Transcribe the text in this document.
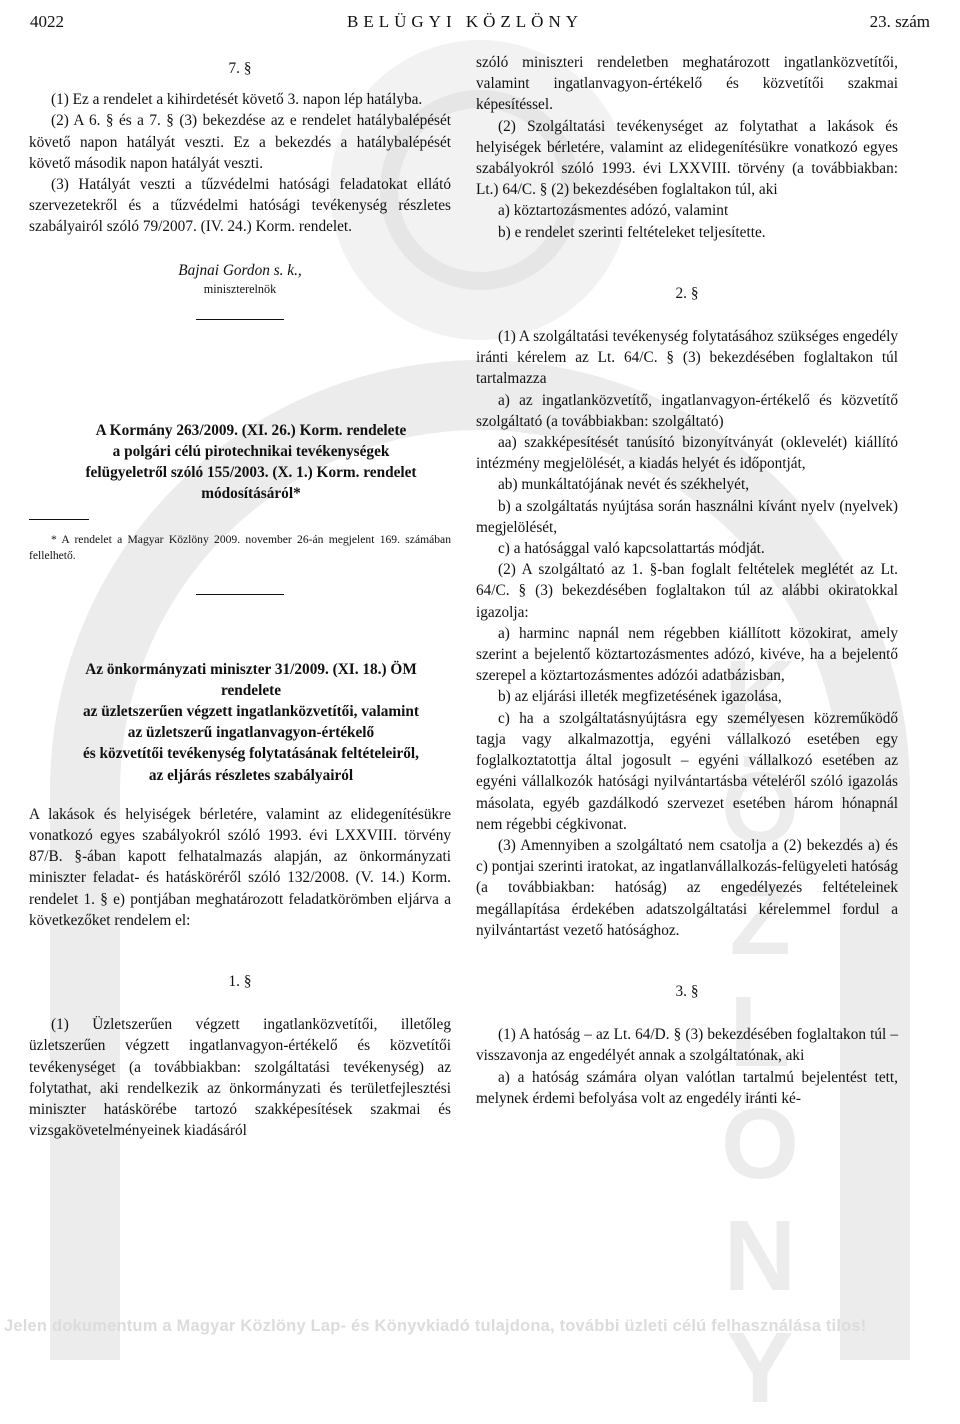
K
Ö
Z
L
Ö
N
Y
4022	BELÜGYI KÖZLÖNY	23. szám

7. §

(1) Ez a rendelet a kihirdetését követő 3. napon lép hatályba.

(2) A 6. § és a 7. § (3) bekezdése az e rendelet hatálybalépését követő napon hatályát veszti. Ez a bekezdés a hatálybalépését követő második napon hatályát veszti.

(3) Hatályát veszti a tűzvédelmi hatósági feladatokat ellátó szervezetekről és a tűzvédelmi hatósági tevékenység részletes szabályairól szóló 79/2007. (IV. 24.) Korm. rendelet.

Bajnai Gordon s. k.,
miniszterelnök

A Kormány 263/2009. (XI. 26.) Korm. rendelete

a polgári célú pirotechnikai tevékenységek

felügyeletről szóló 155/2003. (X. 1.) Korm. rendelet

módosításáról*

* A rendelet a Magyar Közlöny 2009. november 26-án megjelent 169. számában fellelhető.

Az önkormányzati miniszter 31/2009. (XI. 18.) ÖM

rendelete

az üzletszerűen végzett ingatlanközvetítői, valamint

az üzletszerű ingatlanvagyon-értékelő

és közvetítői tevékenység folytatásának feltételeiről,

az eljárás részletes szabályairól

A lakások és helyiségek bérletére, valamint az elidegenítésükre vonatkozó egyes szabályokról szóló 1993. évi LXXVIII. törvény 87/B. §-ában kapott felhatalmazás alapján, az önkormányzati miniszter feladat- és hatásköréről szóló 132/2008. (V. 14.) Korm. rendelet 1. § e) pontjában meghatározott feladatkörömben eljárva a következőket rendelem el:

1. §

(1) Üzletszerűen végzett ingatlanközvetítői, illetőleg üzletszerűen végzett ingatlanvagyon-értékelő és közvetítői tevékenységet (a továbbiakban: szolgáltatási tevékenység) az folytathat, aki rendelkezik az önkormányzati és területfejlesztési miniszter hatáskörébe tartozó szakképesítések szakmai és vizsgakövetelményeinek kiadásáról

szóló miniszteri rendeletben meghatározott ingatlanközvetítői, valamint ingatlanvagyon-értékelő és közvetítői szakmai képesítéssel.

(2) Szolgáltatási tevékenységet az folytathat a lakások és helyiségek bérletére, valamint az elidegenítésükre vonatkozó egyes szabályokról szóló 1993. évi LXXVIII. törvény (a továbbiakban: Lt.) 64/C. § (2) bekezdésében foglaltakon túl, aki

a) köztartozásmentes adózó, valamint

b) e rendelet szerinti feltételeket teljesítette.

2. §

(1) A szolgáltatási tevékenység folytatásához szükséges engedély iránti kérelem az Lt. 64/C. § (3) bekezdésében foglaltakon túl tartalmazza

a) az ingatlanközvetítő, ingatlanvagyon-értékelő és közvetítő szolgáltató (a továbbiakban: szolgáltató)

aa) szakképesítését tanúsító bizonyítványát (oklevelét) kiállító intézmény megjelölését, a kiadás helyét és időpontját,

ab) munkáltatójának nevét és székhelyét,

b) a szolgáltatás nyújtása során használni kívánt nyelv (nyelvek) megjelölését,

c) a hatósággal való kapcsolattartás módját.

(2) A szolgáltató az 1. §-ban foglalt feltételek meglétét az Lt. 64/C. § (3) bekezdésében foglaltakon túl az alábbi okiratokkal igazolja:

a) harminc napnál nem régebben kiállított közokirat, amely szerint a bejelentő köztartozásmentes adózó, kivéve, ha a bejelentő szerepel a köztartozásmentes adózói adatbázisban,

b) az eljárási illeték megfizetésének igazolása,

c) ha a szolgáltatásnyújtásra egy személyesen közreműködő tagja vagy alkalmazottja, egyéni vállalkozó esetében egy foglalkoztatottja által jogosult – egyéni vállalkozó esetében az egyéni vállalkozók hatósági nyilvántartásba vételéről szóló igazolás másolata, egyéb gazdálkodó szervezet esetében három hónapnál nem régebbi cégkivonat.

(3) Amennyiben a szolgáltató nem csatolja a (2) bekezdés a) és c) pontjai szerinti iratokat, az ingatlanvállalkozás-felügyeleti hatóság (a továbbiakban: hatóság) az engedélyezés feltételeinek megállapítása érdekében adatszolgáltatási kérelemmel fordul a nyilvántartást vezető hatósághoz.

3. §

(1) A hatóság – az Lt. 64/D. § (3) bekezdésében foglaltakon túl – visszavonja az engedélyét annak a szolgáltatónak, aki

a) a hatóság számára olyan valótlan tartalmú bejelentést tett, melynek érdemi befolyása volt az engedély iránti ké-

Jelen dokumentum a Magyar Közlöny Lap- és Könyvkiadó tulajdona, további üzleti célú felhasználása tilos!
